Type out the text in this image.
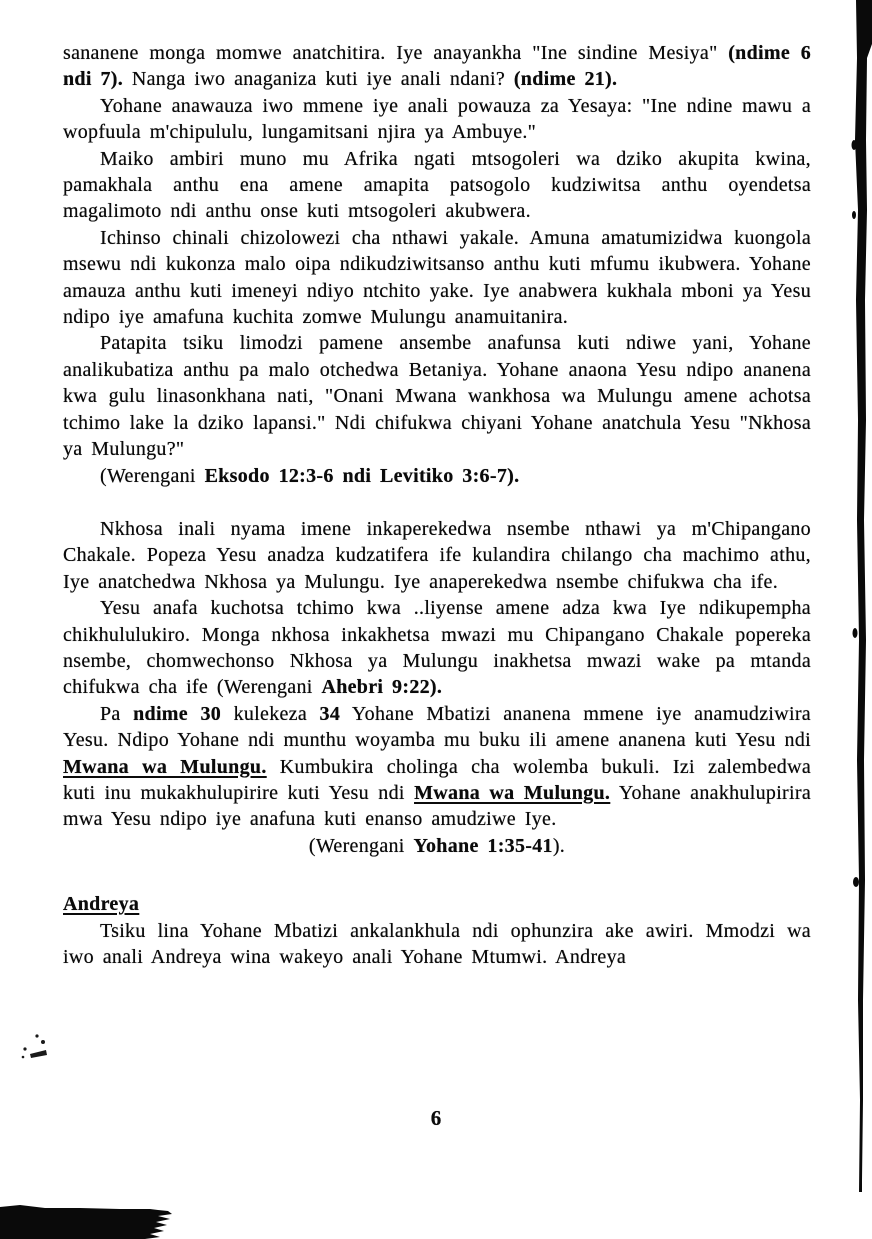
sananene monga momwe anatchitira. Iye anayankha "Ine sindine Mesiya" (ndime 6 ndi 7). Nanga iwo anaganiza kuti iye anali ndani? (ndime 21).

Yohane anawauza iwo mmene iye anali powauza za Yesaya: "Ine ndine mawu a wopfuula m'chipululu, lungamitsani njira ya Ambuye."

Maiko ambiri muno mu Afrika ngati mtsogoleri wa dziko akupita kwina, pamakhala anthu ena amene amapita patsogolo kudziwitsa anthu oyendetsa magalimoto ndi anthu onse kuti mtsogoleri akubwera.

Ichinso chinali chizolowezi cha nthawi yakale. Amuna amatumizidwa kuongola msewu ndi kukonza malo oipa ndikudziwitsanso anthu kuti mfumu ikubwera. Yohane amauza anthu kuti imeneyi ndiyo ntchito yake. Iye anabwera kukhala mboni ya Yesu ndipo iye amafuna kuchita zomwe Mulungu anamuitanira.

Patapita tsiku limodzi pamene ansembe anafunsa kuti ndiwe yani, Yohane analikubatiza anthu pa malo otchedwa Betaniya. Yohane anaona Yesu ndipo ananena kwa gulu linasonkhana nati, "Onani Mwana wankhosa wa Mulungu amene achotsa tchimo lake la dziko lapansi." Ndi chifukwa chiyani Yohane anatchula Yesu "Nkhosa ya Mulungu?"

(Werengani Eksodo 12:3-6 ndi Levitiko 3:6-7).

Nkhosa inali nyama imene inkaperekedwa nsembe nthawi ya m'Chipangano Chakale. Popeza Yesu anadza kudzatifera ife kulandira chilango cha machimo athu, Iye anatchedwa Nkhosa ya Mulungu. Iye anaperekedwa nsembe chifukwa cha ife.

Yesu anafa kuchotsa tchimo kwa ..liyense amene adza kwa Iye ndikupempha chikhululukiro. Monga nkhosa inkakhetsa mwazi mu Chipangano Chakale popereka nsembe, chomwechonso Nkhosa ya Mulungu inakhetsa mwazi wake pa mtanda chifukwa cha ife (Werengani Ahebri 9:22).

Pa ndime 30 kulekeza 34 Yohane Mbatizi ananena mmene iye anamudziwira Yesu. Ndipo Yohane ndi munthu woyamba mu buku ili amene ananena kuti Yesu ndi Mwana wa Mulungu. Kumbukira cholinga cha wolemba bukuli. Izi zalembedwa kuti inu mukakhulupirire kuti Yesu ndi Mwana wa Mulungu. Yohane anakhulupirira mwa Yesu ndipo iye anafuna kuti enanso amudziwe Iye.

(Werengani Yohane 1:35-41).

Andreya

Tsiku lina Yohane Mbatizi ankalankhula ndi ophunzira ake awiri. Mmodzi wa iwo anali Andreya wina wakeyo anali Yohane Mtumwi. Andreya

6
